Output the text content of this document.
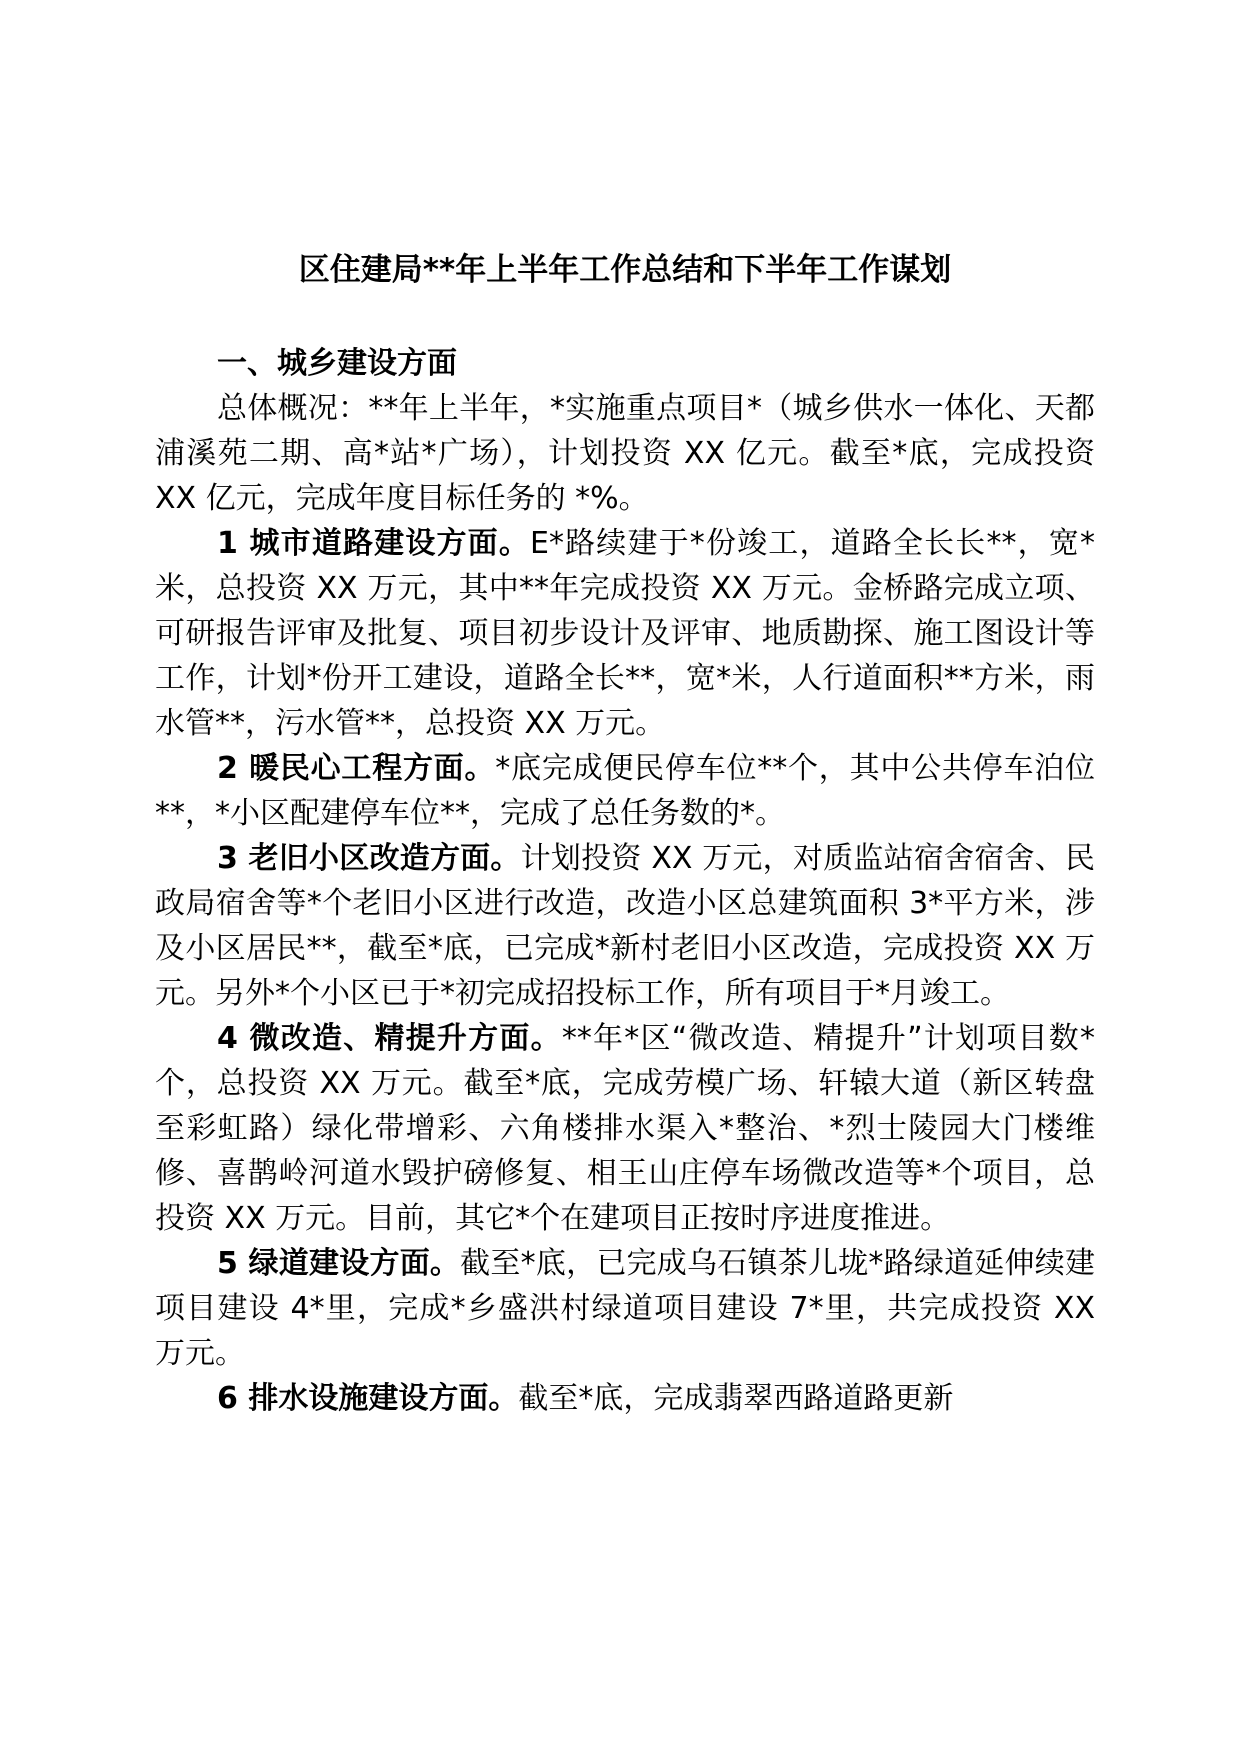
区住建局**年上半年工作总结和下半年工作谋划

一、城乡建设方面

总体概况：**年上半年，*实施重点项目*（城乡供水一体化、天都浦溪苑二期、高*站*广场），计划投资 XX 亿元。截至*底，完成投资 XX 亿元，完成年度目标任务的 *%。

1 城市道路建设方面。E*路续建于*份竣工，道路全长长**，宽*米，总投资 XX 万元，其中**年完成投资 XX 万元。金桥路完成立项、可研报告评审及批复、项目初步设计及评审、地质勘探、施工图设计等工作，计划*份开工建设，道路全长**，宽*米，人行道面积**方米，雨水管**，污水管**，总投资 XX 万元。

2 暖民心工程方面。*底完成便民停车位**个，其中公共停车泊位**，*小区配建停车位**，完成了总任务数的*。

3 老旧小区改造方面。计划投资 XX 万元，对质监站宿舍宿舍、民政局宿舍等*个老旧小区进行改造，改造小区总建筑面积 3*平方米，涉及小区居民**，截至*底，已完成*新村老旧小区改造，完成投资 XX 万元。另外*个小区已于*初完成招投标工作，所有项目于*月竣工。

4 微改造、精提升方面。**年*区“微改造、精提升”计划项目数*个，总投资 XX 万元。截至*底，完成劳模广场、轩辕大道（新区转盘至彩虹路）绿化带增彩、六角楼排水渠入*整治、*烈士陵园大门楼维修、喜鹊岭河道水毁护磅修复、相王山庄停车场微改造等*个项目，总投资 XX 万元。目前，其它*个在建项目正按时序进度推进。

5 绿道建设方面。截至*底，已完成乌石镇茶儿垅*路绿道延伸续建项目建设 4*里，完成*乡盛洪村绿道项目建设 7*里，共完成投资 XX 万元。

6 排水设施建设方面。截至*底，完成翡翠西路道路更新
